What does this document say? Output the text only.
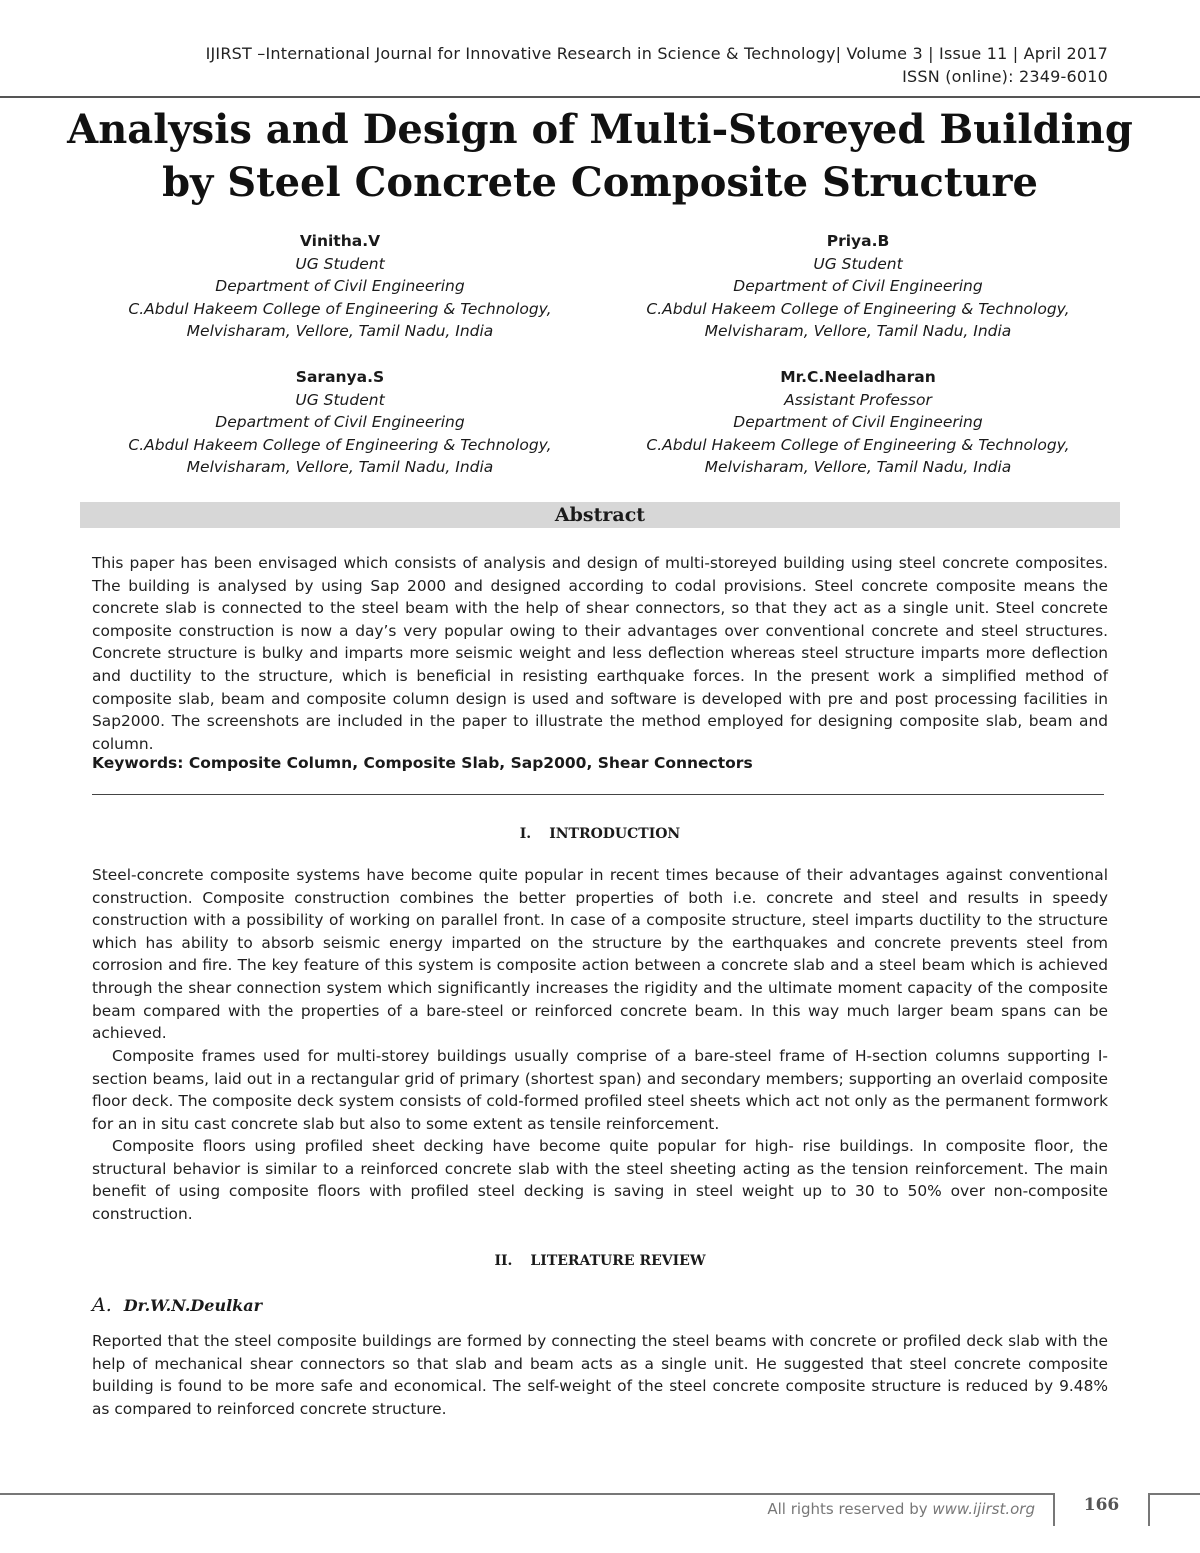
IJIRST –International Journal for Innovative Research in Science & Technology| Volume 3 | Issue 11 | April 2017
ISSN (online): 2349-6010
Analysis and Design of Multi-Storeyed Building
by Steel Concrete Composite Structure
Vinitha.V
UG Student
Department of Civil Engineering
C.Abdul Hakeem College of Engineering & Technology,
Melvisharam, Vellore, Tamil Nadu, India
Priya.B
UG Student
Department of Civil Engineering
C.Abdul Hakeem College of Engineering & Technology,
Melvisharam, Vellore, Tamil Nadu, India
Saranya.S
UG Student
Department of Civil Engineering
C.Abdul Hakeem College of Engineering & Technology,
Melvisharam, Vellore, Tamil Nadu, India
Mr.C.Neeladharan
Assistant Professor
Department of Civil Engineering
C.Abdul Hakeem College of Engineering & Technology,
Melvisharam, Vellore, Tamil Nadu, India
Abstract
This paper has been envisaged which consists of analysis and design of multi-storeyed building using steel concrete composites. The building is analysed by using Sap 2000 and designed according to codal provisions. Steel concrete composite means the concrete slab is connected to the steel beam with the help of shear connectors, so that they act as a single unit. Steel concrete composite construction is now a day’s very popular owing to their advantages over conventional concrete and steel structures. Concrete structure is bulky and imparts more seismic weight and less deflection whereas steel structure imparts more deflection and ductility to the structure, which is beneficial in resisting earthquake forces. In the present work a simplified method of composite slab, beam and composite column design is used and software is developed with pre and post processing facilities in Sap2000. The screenshots are included in the paper to illustrate the method employed for designing composite slab, beam and column.
Keywords: Composite Column, Composite Slab, Sap2000, Shear Connectors
I. INTRODUCTION
Steel-concrete composite systems have become quite popular in recent times because of their advantages against conventional construction. Composite construction combines the better properties of both i.e. concrete and steel and results in speedy construction with a possibility of working on parallel front. In case of a composite structure, steel imparts ductility to the structure which has ability to absorb seismic energy imparted on the structure by the earthquakes and concrete prevents steel from corrosion and fire. The key feature of this system is composite action between a concrete slab and a steel beam which is achieved through the shear connection system which significantly increases the rigidity and the ultimate moment capacity of the composite beam compared with the properties of a bare-steel or reinforced concrete beam. In this way much larger beam spans can be achieved.
Composite frames used for multi-storey buildings usually comprise of a bare-steel frame of H-section columns supporting I-section beams, laid out in a rectangular grid of primary (shortest span) and secondary members; supporting an overlaid composite floor deck. The composite deck system consists of cold-formed profiled steel sheets which act not only as the permanent formwork for an in situ cast concrete slab but also to some extent as tensile reinforcement.
Composite floors using profiled sheet decking have become quite popular for high- rise buildings. In composite floor, the structural behavior is similar to a reinforced concrete slab with the steel sheeting acting as the tension reinforcement. The main benefit of using composite floors with profiled steel decking is saving in steel weight up to 30 to 50% over non-composite construction.
II. LITERATURE REVIEW
A. Dr.W.N.Deulkar
Reported that the steel composite buildings are formed by connecting the steel beams with concrete or profiled deck slab with the help of mechanical shear connectors so that slab and beam acts as a single unit. He suggested that steel concrete composite building is found to be more safe and economical. The self-weight of the steel concrete composite structure is reduced by 9.48% as compared to reinforced concrete structure.
All rights reserved by www.ijirst.org	166
